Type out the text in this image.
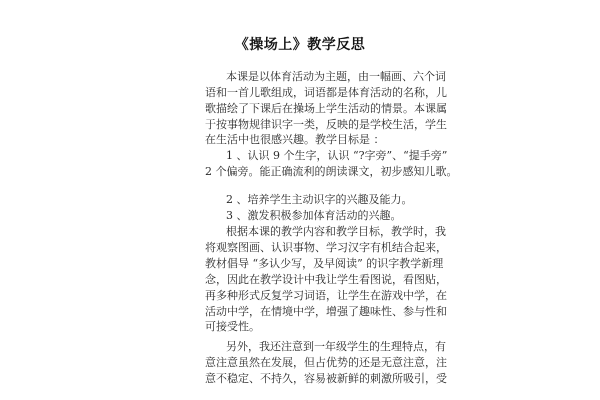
《操场上》教学反思
本课是以体育活动为主题，由一幅画、六个词
语和一首儿歌组成，词语都是体育活动的名称，儿
歌描绘了下课后在操场上学生活动的情景。本课属
于按事物规律识字一类，反映的是学校生活，学生
在生活中也很感兴趣。教学目标是 ：
1 、认识 9 个生字，认识 “?字旁”、“提手旁”
2 个偏旁。能正确流利的朗读课文，初步感知儿歌。
2 、培养学生主动识字的兴趣及能力。
3 、激发积极参加体育活动的兴趣。
根据本课的教学内容和教学目标，教学时，我
将观察图画、认识事物、学习汉字有机结合起来，
教材倡导 “多认少写，及早阅读” 的识字教学新理
念，因此在教学设计中我让学生看图说，看图贴，
再多种形式反复学习词语，让学生在游戏中学，在
活动中学，在情境中学，增强了趣味性、参与性和
可接受性。
另外，我还注意到一年级学生的生理特点，有
意注意虽然在发展，但占优势的还是无意注意，注
意不稳定、不持久，容易被新鲜的刺激所吸引，受
